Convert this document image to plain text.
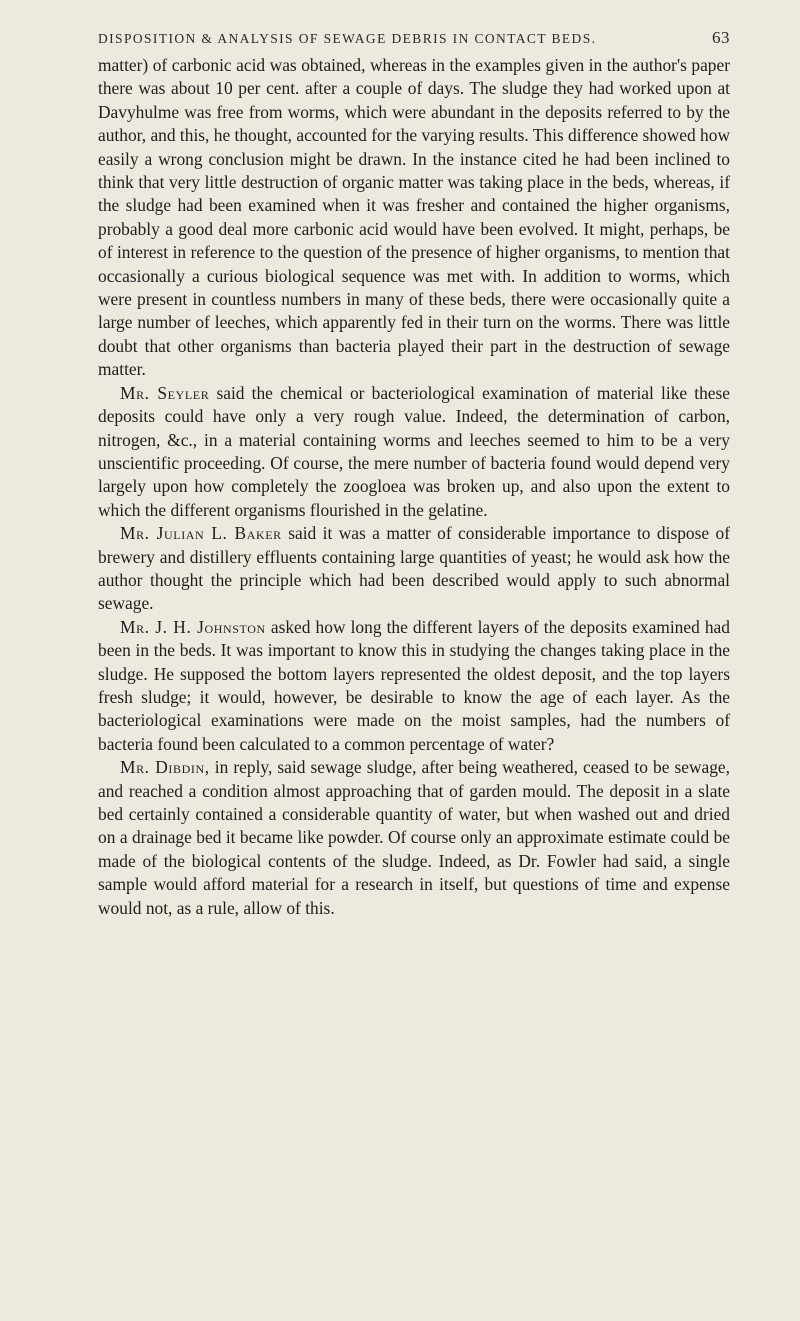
DISPOSITION & ANALYSIS OF SEWAGE DEBRIS IN CONTACT BEDS.	63

matter) of carbonic acid was obtained, whereas in the examples given in the author's paper there was about 10 per cent. after a couple of days. The sludge they had worked upon at Davyhulme was free from worms, which were abundant in the deposits referred to by the author, and this, he thought, accounted for the varying results. This difference showed how easily a wrong conclusion might be drawn. In the instance cited he had been inclined to think that very little destruction of organic matter was taking place in the beds, whereas, if the sludge had been examined when it was fresher and contained the higher organisms, probably a good deal more carbonic acid would have been evolved. It might, perhaps, be of interest in reference to the question of the presence of higher organisms, to mention that occasionally a curious biological sequence was met with. In addition to worms, which were present in countless numbers in many of these beds, there were occasionally quite a large number of leeches, which apparently fed in their turn on the worms. There was little doubt that other organisms than bacteria played their part in the destruction of sewage matter.

Mr. Seyler said the chemical or bacteriological examination of material like these deposits could have only a very rough value. Indeed, the determination of carbon, nitrogen, &c., in a material containing worms and leeches seemed to him to be a very unscientific proceeding. Of course, the mere number of bacteria found would depend very largely upon how completely the zoogloea was broken up, and also upon the extent to which the different organisms flourished in the gelatine.

Mr. Julian L. Baker said it was a matter of considerable importance to dispose of brewery and distillery effluents containing large quantities of yeast; he would ask how the author thought the principle which had been described would apply to such abnormal sewage.

Mr. J. H. Johnston asked how long the different layers of the deposits examined had been in the beds. It was important to know this in studying the changes taking place in the sludge. He supposed the bottom layers represented the oldest deposit, and the top layers fresh sludge; it would, however, be desirable to know the age of each layer. As the bacteriological examinations were made on the moist samples, had the numbers of bacteria found been calculated to a common percentage of water?

Mr. Dibdin, in reply, said sewage sludge, after being weathered, ceased to be sewage, and reached a condition almost approaching that of garden mould. The deposit in a slate bed certainly contained a considerable quantity of water, but when washed out and dried on a drainage bed it became like powder. Of course only an approximate estimate could be made of the biological contents of the sludge. Indeed, as Dr. Fowler had said, a single sample would afford material for a research in itself, but questions of time and expense would not, as a rule, allow of this.
